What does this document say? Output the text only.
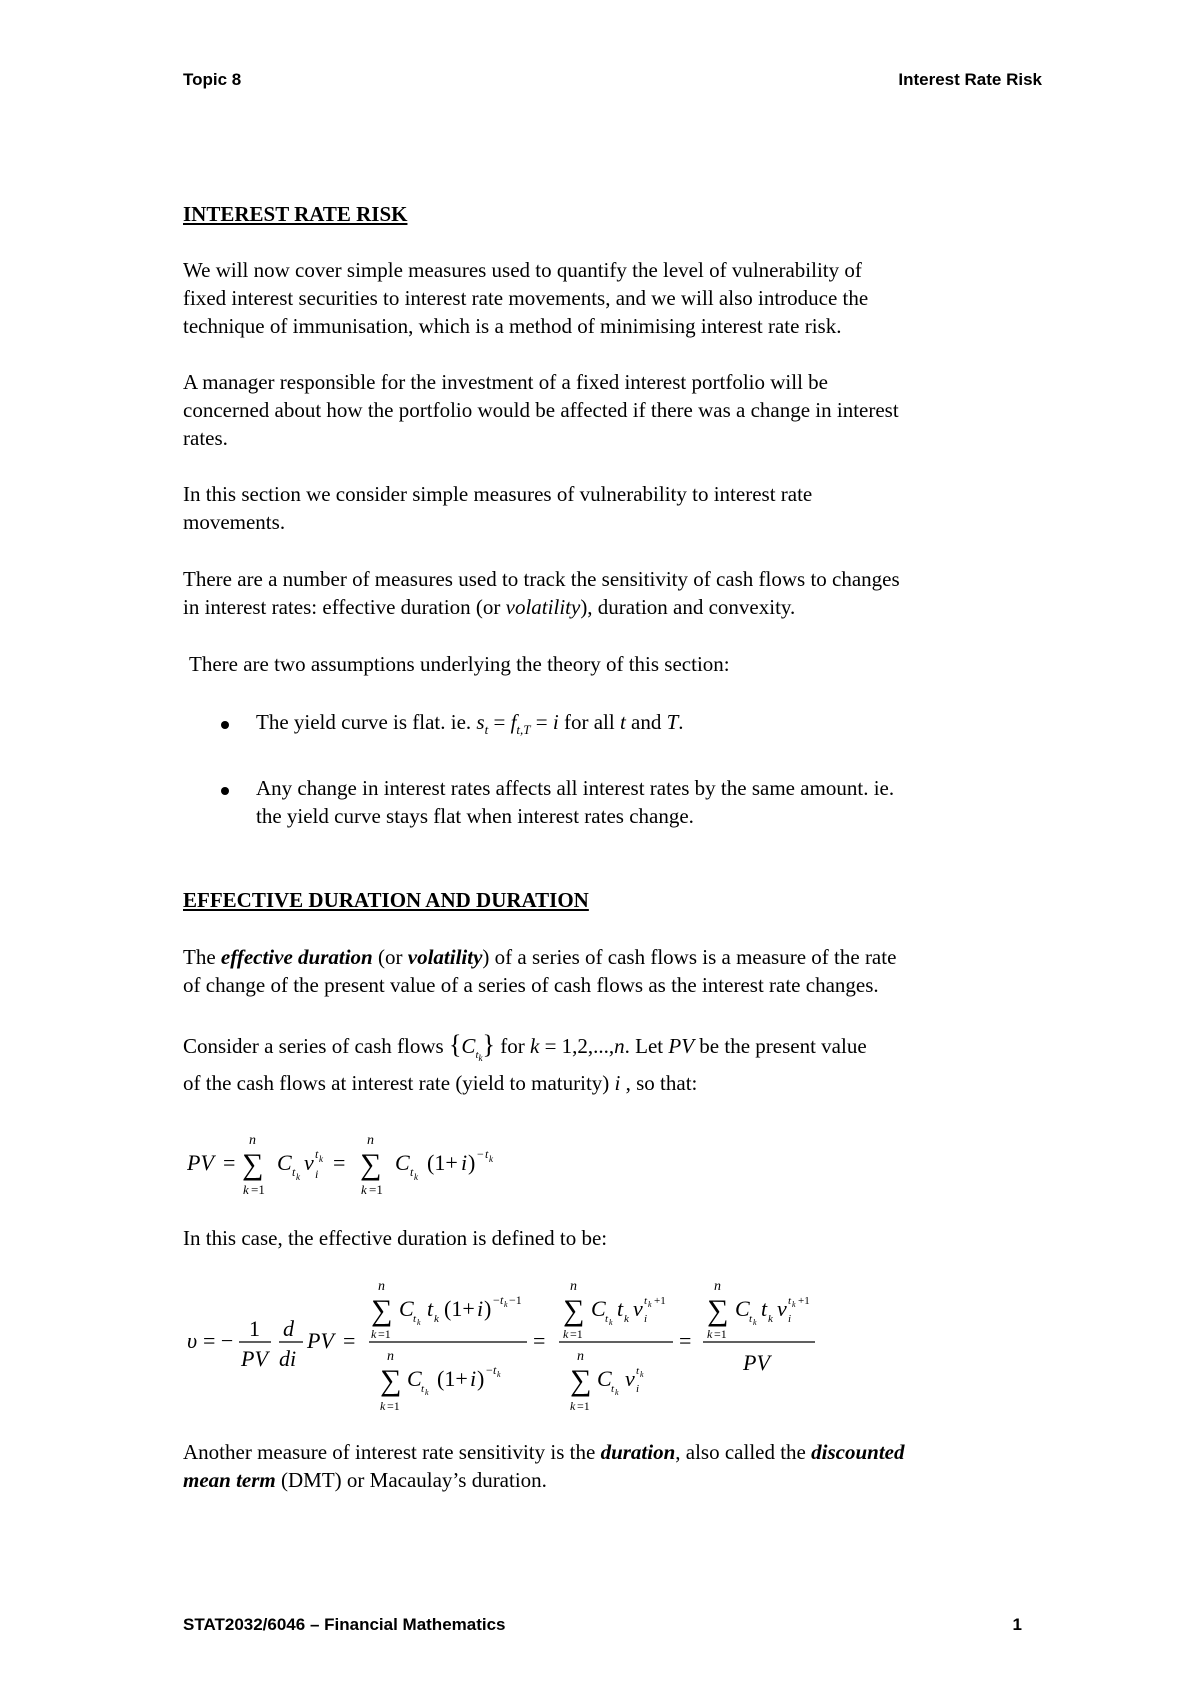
Topic 8	Interest Rate Risk
INTEREST RATE RISK

We will now cover simple measures used to quantify the level of vulnerability of
fixed interest securities to interest rate movements, and we will also introduce the
technique of immunisation, which is a method of minimising interest rate risk.

A manager responsible for the investment of a fixed interest portfolio will be
concerned about how the portfolio would be affected if there was a change in interest
rates.

In this section we consider simple measures of vulnerability to interest rate
movements.

There are a number of measures used to track the sensitivity of cash flows to changes
in interest rates: effective duration (or volatility), duration and convexity.

There are two assumptions underlying the theory of this section:

The yield curve is flat. ie. $s_t = f_{t,T} = i$ for all t and T.
Any change in interest rates affects all interest rates by the same amount. ie.
the yield curve stays flat when interest rates change.
EFFECTIVE DURATION AND DURATION

The effective duration (or volatility) of a series of cash flows is a measure of the rate
of change of the present value of a series of cash flows as the interest rate changes.

Consider a series of cash flows $\{C_{t_k}\}$ for k = 1,2,...,n. Let PV be the present value

of the cash flows at interest rate (yield to maturity) i , so that:

PV =
n
∑
k =1
C t k
v t k
i =
n
∑
k =1
C t k
(1+ i ) − t k

In this case, the effective duration is defined to be:

υ = − 1
PV
d
di
PV =
n
∑
k =1
C t k
t k (1+ i ) − t k −1
n
∑
k =1
C t k
(1+ i ) − t k
=
n
∑
k =1
C t k
t k v t k +1
i
n
∑
k =1
C t k
v t k
i
=
n
∑
k =1
C t k
t k v t k +1
i
PV

Another measure of interest rate sensitivity is the duration, also called the discounted
mean term (DMT) or Macaulay’s duration.

STAT2032/6046 – Financial Mathematics	1
